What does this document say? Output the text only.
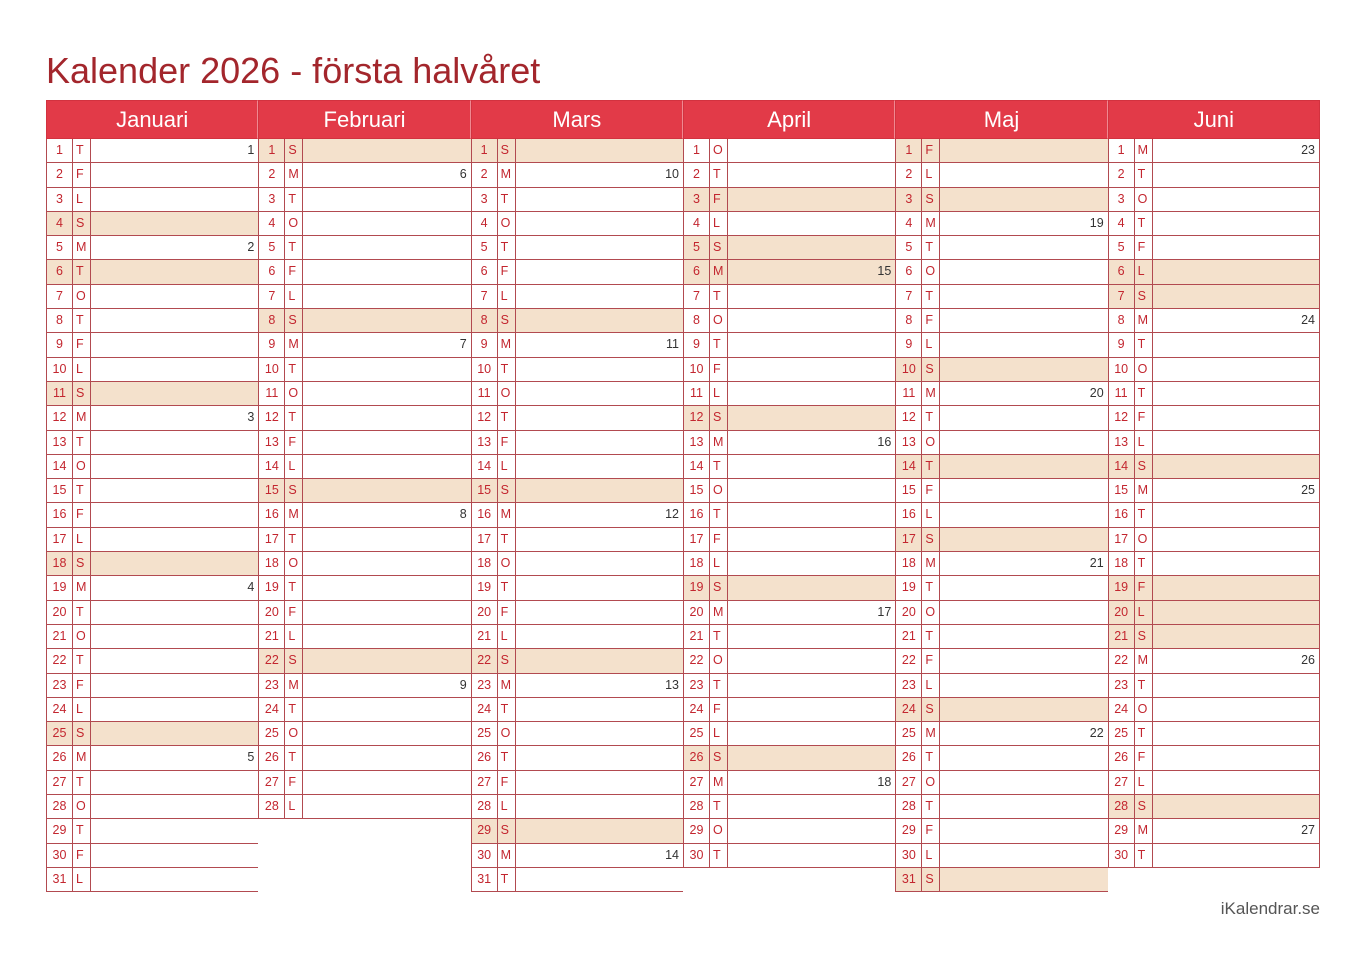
Kalender 2026 - första halvåret
Januari
1	T	1
2	F
3	L
4	S
5	M	2
6	T
7	O
8	T
9	F
10 L
11 S
12 M	3
13 T
14 O
15 T
16 F
17 L
18 S
19 M	4
20 T
21 O
22 T
23 F
24 L
25 S
26 M	5
27 T
28 O
29 T
30 F
31 L
Februari
1	S
2	M	6
3	T
4	O
5	T
6	F
7	L
8	S
9	M	7
10 T
11 O
12 T
13 F
14 L
15 S
16 M	8
17 T
18 O
19 T
20 F
21 L
22 S
23 M	9
24 T
25 O
26 T
27 F
28 L
Mars
1	S
2	M	10
3	T
4	O
5	T
6	F
7	L
8	S
9	M	11
10 T
11 O
12 T
13 F
14 L
15 S
16 M	12
17 T
18 O
19 T
20 F
21 L
22 S
23 M	13
24 T
25 O
26 T
27 F
28 L
29 S
30 M	14
31 T
April
1	O
2	T
3	F
4	L
5	S
6	M	15
7	T
8	O
9	T
10 F
11 L
12 S
13 M	16
14 T
15 O
16 T
17 F
18 L
19 S
20 M	17
21 T
22 O
23 T
24 F
25 L
26 S
27 M	18
28 T
29 O
30 T
Maj
1	F
2	L
3	S
4	M	19
5	T
6	O
7	T
8	F
9	L
10 S
11 M	20
12 T
13 O
14 T
15 F
16 L
17 S
18 M	21
19 T
20 O
21 T
22 F
23 L
24 S
25 M	22
26 T
27 O
28 T
29 F
30 L
31 S
Juni
1	M	23
2	T
3	O
4	T
5	F
6	L
7	S
8	M	24
9	T
10 O
11 T
12 F
13 L
14 S
15 M	25
16 T
17 O
18 T
19 F
20 L
21 S
22 M	26
23 T
24 O
25 T
26 F
27 L
28 S
29 M	27
30 T
iKalendrar.se
